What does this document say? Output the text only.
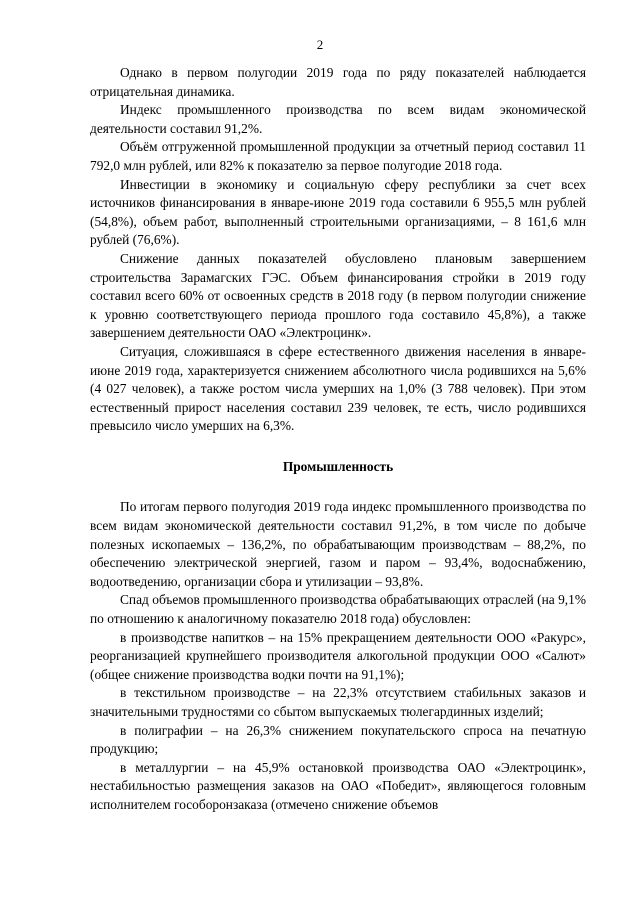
2

Однако в первом полугодии 2019 года по ряду показателей наблюдается отрицательная динамика.

Индекс промышленного производства по всем видам экономической деятельности составил 91,2%.

Объём отгруженной промышленной продукции за отчетный период составил 11 792,0 млн рублей, или 82% к показателю за первое полугодие 2018 года.

Инвестиции в экономику и социальную сферу республики за счет всех источников финансирования в январе-июне 2019 года составили 6 955,5 млн рублей (54,8%), объем работ, выполненный строительными организациями, – 8 161,6 млн рублей (76,6%).

Снижение данных показателей обусловлено плановым завершением строительства Зарамагских ГЭС. Объем финансирования стройки в 2019 году составил всего 60% от освоенных средств в 2018 году (в первом полугодии снижение к уровню соответствующего периода прошлого года составило 45,8%), а также завершением деятельности ОАО «Электроцинк».

Ситуация, сложившаяся в сфере естественного движения населения в январе-июне 2019 года, характеризуется снижением абсолютного числа родившихся на 5,6% (4 027 человек), а также ростом числа умерших на 1,0% (3 788 человек). При этом естественный прирост населения составил 239 человек, те есть, число родившихся превысило число умерших на 6,3%.

Промышленность

По итогам первого полугодия 2019 года индекс промышленного производства по всем видам экономической деятельности составил 91,2%, в том числе по добыче полезных ископаемых – 136,2%, по обрабатывающим производствам – 88,2%, по обеспечению электрической энергией, газом и паром – 93,4%, водоснабжению, водоотведению, организации сбора и утилизации – 93,8%.

Спад объемов промышленного производства обрабатывающих отраслей (на 9,1% по отношению к аналогичному показателю 2018 года) обусловлен:

в производстве напитков – на 15% прекращением деятельности ООО «Ракурс», реорганизацией крупнейшего производителя алкогольной продукции ООО «Салют» (общее снижение производства водки почти на 91,1%);

в текстильном производстве – на 22,3% отсутствием стабильных заказов и значительными трудностями со сбытом выпускаемых тюлегардинных изделий;

в полиграфии – на 26,3% снижением покупательского спроса на печатную продукцию;

в металлургии – на 45,9% остановкой производства ОАО «Электроцинк», нестабильностью размещения заказов на ОАО «Победит», являющегося головным исполнителем гособоронзаказа (отмечено снижение объемов
